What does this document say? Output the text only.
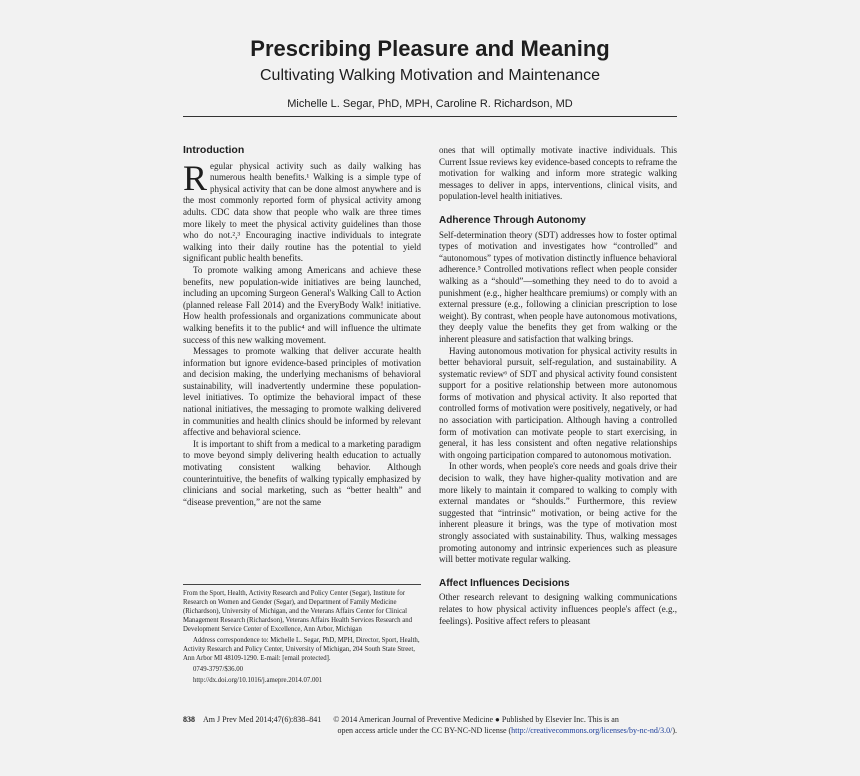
Prescribing Pleasure and Meaning
Cultivating Walking Motivation and Maintenance
Michelle L. Segar, PhD, MPH, Caroline R. Richardson, MD
Introduction

Regular physical activity such as daily walking has numerous health benefits.¹ Walking is a simple type of physical activity that can be done almost anywhere and is the most commonly reported form of physical activity among adults. CDC data show that people who walk are three times more likely to meet the physical activity guidelines than those who do not.²,³ Encouraging inactive individuals to integrate walking into their daily routine has the potential to yield significant public health benefits.

To promote walking among Americans and achieve these benefits, new population-wide initiatives are being launched, including an upcoming Surgeon General's Walking Call to Action (planned release Fall 2014) and the EveryBody Walk! initiative. How health professionals and organizations communicate about walking benefits it to the public⁴ and will influence the ultimate success of this new walking movement.

Messages to promote walking that deliver accurate health information but ignore evidence-based principles of motivation and decision making, the underlying mechanisms of behavioral sustainability, will inadvertently undermine these population-level initiatives. To optimize the behavioral impact of these national initiatives, the messaging to promote walking delivered in communities and health clinics should be informed by relevant affective and behavioral science.

It is important to shift from a medical to a marketing paradigm to move beyond simply delivering health education to actually motivating consistent walking behavior. Although counterintuitive, the benefits of walking typically emphasized by clinicians and social marketing, such as “better health” and “disease prevention,” are not the same

ones that will optimally motivate inactive individuals. This Current Issue reviews key evidence-based concepts to reframe the motivation for walking and inform more strategic walking messages to deliver in apps, interventions, clinical visits, and population-level health initiatives.

Adherence Through Autonomy

Self-determination theory (SDT) addresses how to foster optimal types of motivation and investigates how “controlled” and “autonomous” types of motivation distinctly influence behavioral adherence.⁵ Controlled motivations reflect when people consider walking as a “should”—something they need to do to avoid a punishment (e.g., higher healthcare premiums) or comply with an external pressure (e.g., following a clinician prescription to lose weight). By contrast, when people have autonomous motivations, they deeply value the benefits they get from walking or the inherent pleasure and satisfaction that walking brings.

Having autonomous motivation for physical activity results in better behavioral pursuit, self-regulation, and sustainability. A systematic review⁶ of SDT and physical activity found consistent support for a positive relationship between more autonomous forms of motivation and physical activity. It also reported that controlled forms of motivation were positively, negatively, or had no association with participation. Although having a controlled form of motivation can motivate people to start exercising, in general, it has less consistent and often negative relationships with ongoing participation compared to autonomous motivation.

In other words, when people's core needs and goals drive their decision to walk, they have higher-quality motivation and are more likely to maintain it compared to walking to comply with external mandates or “shoulds.” Furthermore, this review suggested that “intrinsic” motivation, or being active for the inherent pleasure it brings, was the type of motivation most strongly associated with sustainability. Thus, walking messages promoting autonomy and intrinsic experiences such as pleasure will better motivate regular walking.

Affect Influences Decisions

Other research relevant to designing walking communications relates to how physical activity influences people's affect (e.g., feelings). Positive affect refers to pleasant

From the Sport, Health, Activity Research and Policy Center (Segar), Institute for Research on Women and Gender (Segar), and Department of Family Medicine (Richardson), University of Michigan, and the Veterans Affairs Center for Clinical Management Research (Richardson), Veterans Affairs Health Services Research and Development Service Center of Excellence, Ann Arbor, Michigan

Address correspondence to: Michelle L. Segar, PhD, MPH, Director, Sport, Health, Activity Research and Policy Center, University of Michigan, 204 South State Street, Ann Arbor MI 48109-1290. E-mail: [email protected].

0749-3797/$36.00

http://dx.doi.org/10.1016/j.amepre.2014.07.001

838 Am J Prev Med 2014;47(6):838–841 © 2014 American Journal of Preventive Medicine ● Published by Elsevier Inc. This is an
open access article under the CC BY-NC-ND license (http://creativecommons.org/licenses/by-nc-nd/3.0/).
